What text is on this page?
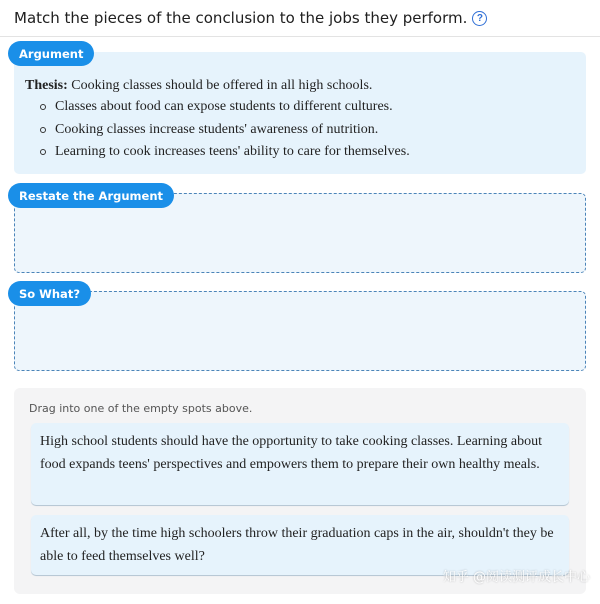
Match the pieces of the conclusion to the jobs they perform. ?
Argument
Thesis: Cooking classes should be offered in all high schools.
Classes about food can expose students to different cultures.
Cooking classes increase students' awareness of nutrition.
Learning to cook increases teens' ability to care for themselves.
Restate the Argument
So What?
Drag into one of the empty spots above.
High school students should have the opportunity to take cooking classes. Learning about food expands teens' perspectives and empowers them to prepare their own healthy meals.
After all, by the time high schoolers throw their graduation caps in the air, shouldn't they be able to feed themselves well?
知乎 @阅读测评成长中心
